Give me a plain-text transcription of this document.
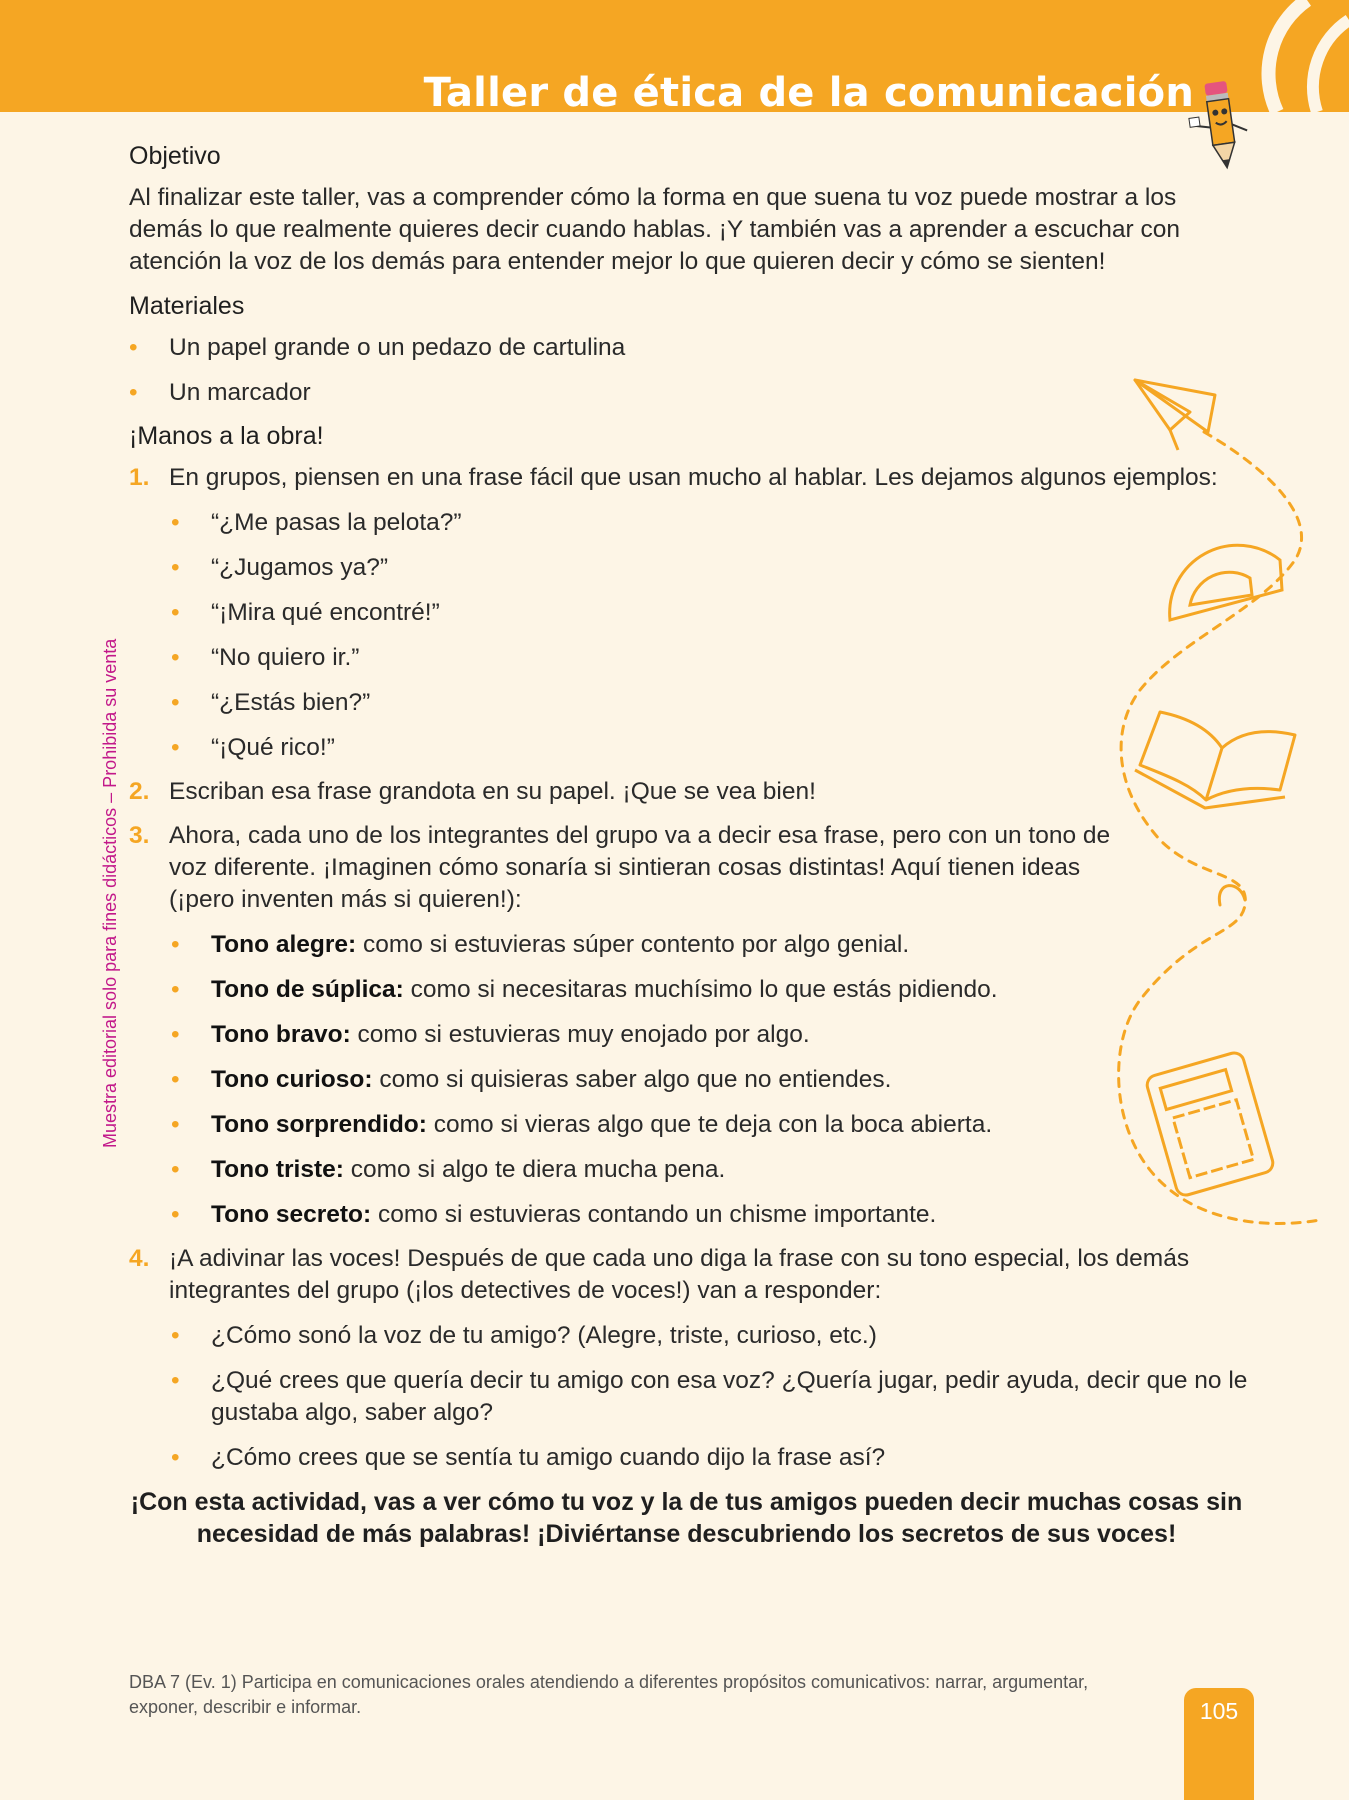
Taller de ética de la comunicación
Muestra editorial solo para fines didácticos – Prohibida su venta
Objetivo

Al finalizar este taller, vas a comprender cómo la forma en que suena tu voz puede mostrar a los demás lo que realmente quieres decir cuando hablas. ¡Y también vas a aprender a escuchar con atención la voz de los demás para entender mejor lo que quieren decir y cómo se sienten!

Materiales
• Un papel grande o un pedazo de cartulina
• Un marcador
¡Manos a la obra!
1. En grupos, piensen en una frase fácil que usan mucho al hablar. Les dejamos algunos ejemplos:
• “¿Me pasas la pelota?”
• “¿Jugamos ya?”
• “¡Mira qué encontré!”
• “No quiero ir.”
• “¿Estás bien?”
• “¡Qué rico!”
2. Escriban esa frase grandota en su papel. ¡Que se vea bien!
3. Ahora, cada uno de los integrantes del grupo va a decir esa frase, pero con un tono de voz diferente. ¡Imaginen cómo sonaría si sintieran cosas distintas! Aquí tienen ideas (¡pero inventen más si quieren!):
• Tono alegre: como si estuvieras súper contento por algo genial.
• Tono de súplica: como si necesitaras muchísimo lo que estás pidiendo.
• Tono bravo: como si estuvieras muy enojado por algo.
• Tono curioso: como si quisieras saber algo que no entiendes.
• Tono sorprendido: como si vieras algo que te deja con la boca abierta.
• Tono triste: como si algo te diera mucha pena.
• Tono secreto: como si estuvieras contando un chisme importante.
4. ¡A adivinar las voces! Después de que cada uno diga la frase con su tono especial, los demás integrantes del grupo (¡los detectives de voces!) van a responder:
• ¿Cómo sonó la voz de tu amigo? (Alegre, triste, curioso, etc.)
• ¿Qué crees que quería decir tu amigo con esa voz? ¿Quería jugar, pedir ayuda, decir que no le gustaba algo, saber algo?
• ¿Cómo crees que se sentía tu amigo cuando dijo la frase así?

¡Con esta actividad, vas a ver cómo tu voz y la de tus amigos pueden decir muchas cosas sin necesidad de más palabras! ¡Diviértanse descubriendo los secretos de sus voces!

DBA 7 (Ev. 1) Participa en comunicaciones orales atendiendo a diferentes propósitos comunicativos: narrar, argumentar, exponer, describir e informar.	105
